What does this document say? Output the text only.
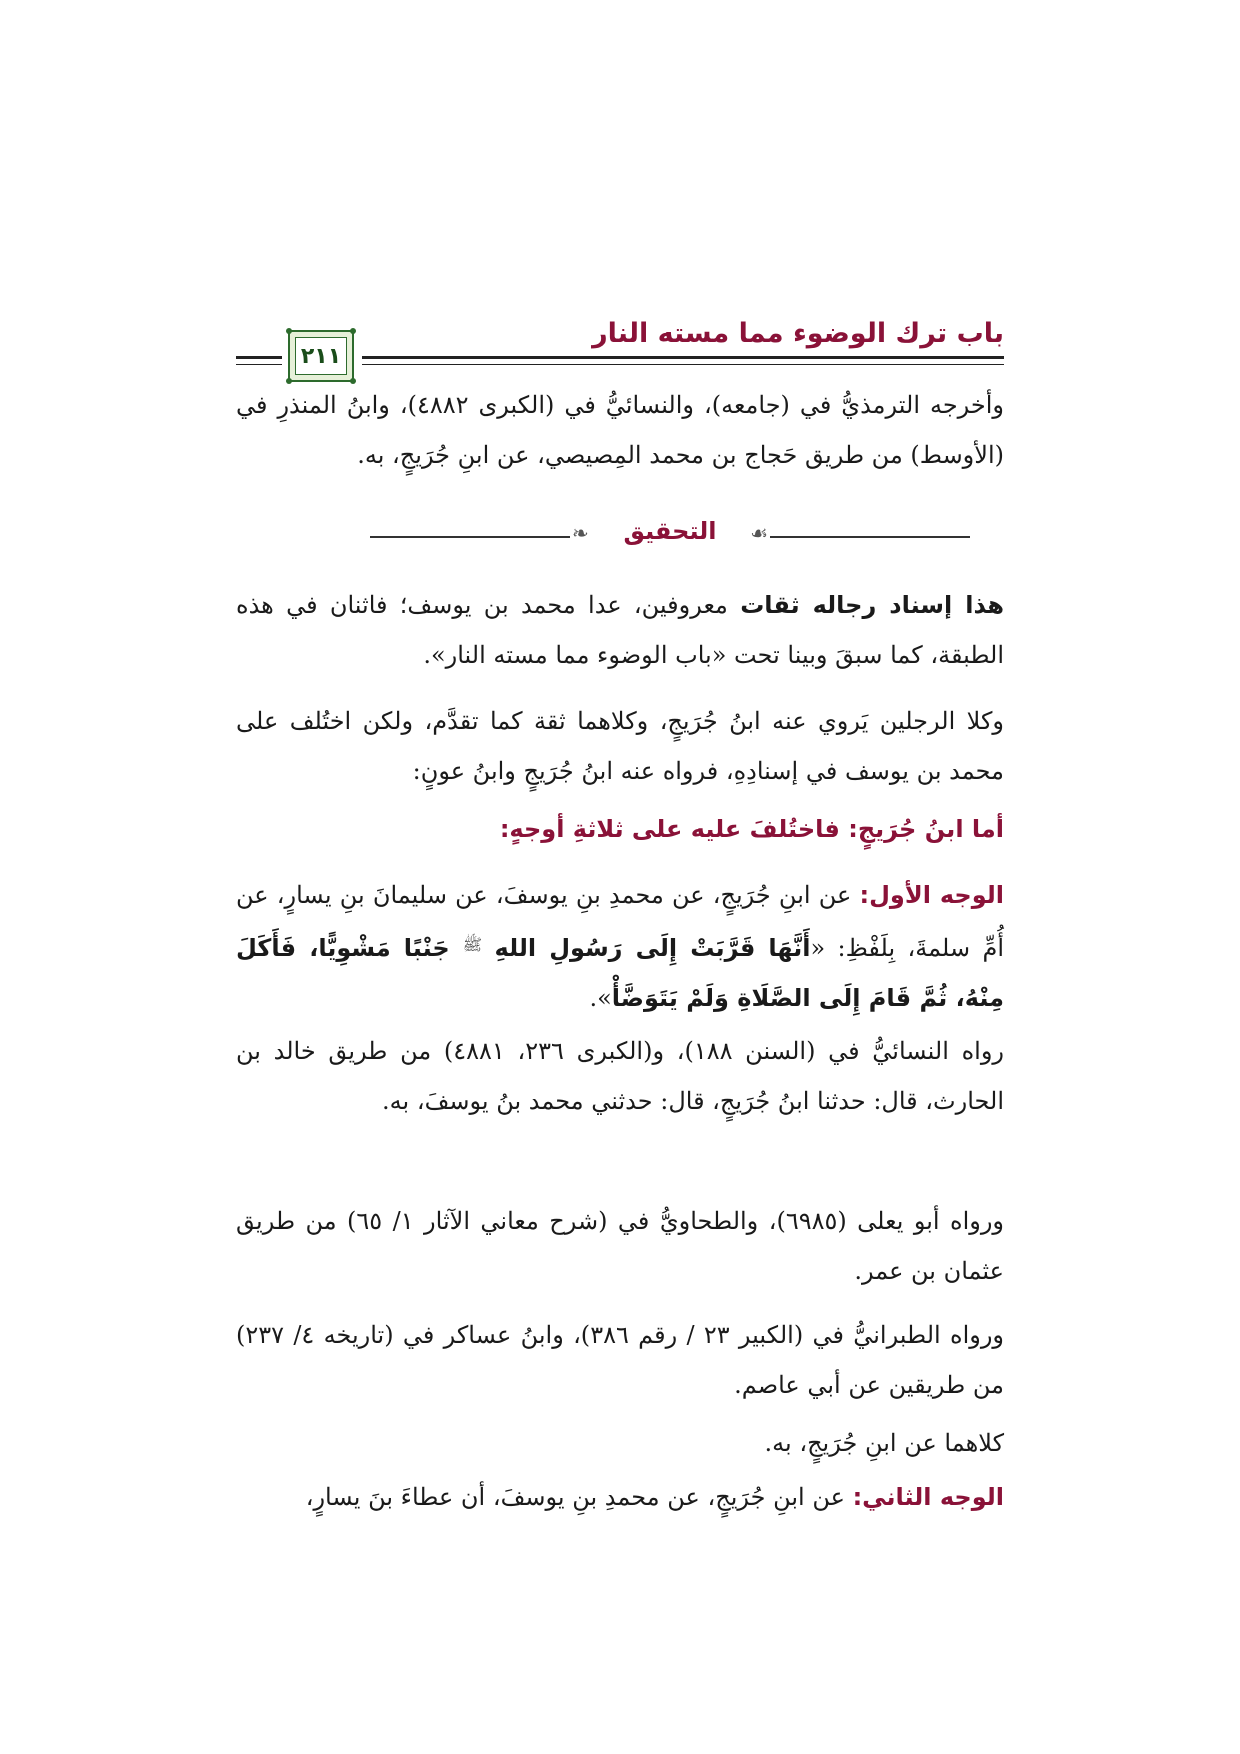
باب ترك الوضوء مما مسته النار
٢١١

وأخرجه الترمذيُّ في (جامعه)، والنسائيُّ في (الكبرى ٤٨٨٢)، وابنُ المنذرِ في (الأوسط) من طريق حَجاج بن محمد المِصيصي، عن ابنِ جُرَيجٍ، به.

❧	☙
التحقيق

هذا إسناد رجاله ثقات معروفين، عدا محمد بن يوسف؛ فاثنان في هذه الطبقة، كما سبقَ وبينا تحت «باب الوضوء مما مسته النار».

وكلا الرجلين يَروي عنه ابنُ جُرَيجٍ، وكلاهما ثقة كما تقدَّم، ولكن اختُلف على محمد بن يوسف في إسنادِهِ، فرواه عنه ابنُ جُرَيجٍ وابنُ عونٍ:

أما ابنُ جُرَيجٍ: فاختُلفَ عليه على ثلاثةِ أوجهٍ:

الوجه الأول: عن ابنِ جُرَيجٍ، عن محمدِ بنِ يوسفَ، عن سليمانَ بنِ يسارٍ، عن أُمِّ سلمةَ، بِلَفْظِ: «أَنَّهَا قَرَّبَتْ إِلَى رَسُولِ اللهِ $^ﷺ$ جَنْبًا مَشْوِيًّا، فَأَكَلَ مِنْهُ، ثُمَّ قَامَ إِلَى الصَّلَاةِ وَلَمْ يَتَوَضَّأْ».

رواه النسائيُّ في (السنن ١٨٨)، و(الكبرى ٢٣٦، ٤٨٨١) من طريق خالد بن الحارث، قال: حدثنا ابنُ جُرَيجٍ، قال: حدثني محمد بنُ يوسفَ، به.

ورواه أبو يعلى (٦٩٨٥)، والطحاويُّ في (شرح معاني الآثار ١/ ٦٥) من طريق عثمان بن عمر.

ورواه الطبرانيُّ في (الكبير ٢٣ / رقم ٣٨٦)، وابنُ عساكر في (تاريخه ٤/ ٢٣٧) من طريقين عن أبي عاصم.

كلاهما عن ابنِ جُرَيجٍ، به.

الوجه الثاني: عن ابنِ جُرَيجٍ، عن محمدِ بنِ يوسفَ، أن عطاءَ بنَ يسارٍ،
